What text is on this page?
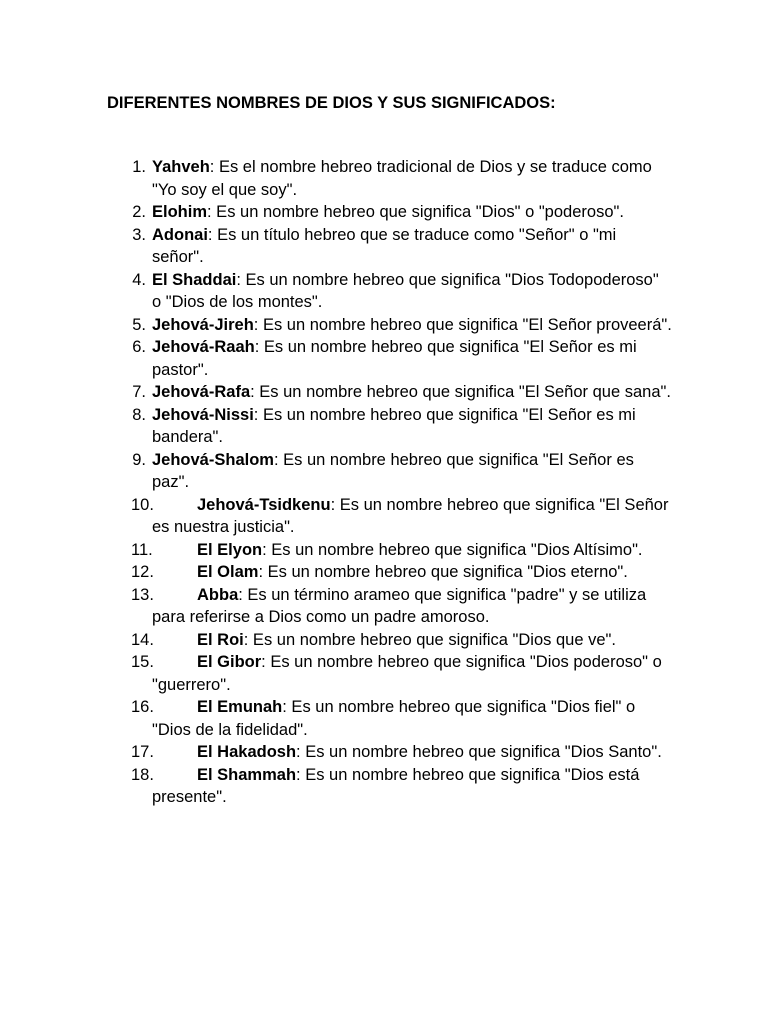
DIFERENTES NOMBRES DE DIOS Y SUS SIGNIFICADOS:
1. Yahveh: Es el nombre hebreo tradicional de Dios y se traduce como "Yo soy el que soy".
2. Elohim: Es un nombre hebreo que significa "Dios" o "poderoso".
3. Adonai: Es un título hebreo que se traduce como "Señor" o "mi señor".
4. El Shaddai: Es un nombre hebreo que significa "Dios Todopoderoso" o "Dios de los montes".
5. Jehová-Jireh: Es un nombre hebreo que significa "El Señor proveerá".
6. Jehová-Raah: Es un nombre hebreo que significa "El Señor es mi pastor".
7. Jehová-Rafa: Es un nombre hebreo que significa "El Señor que sana".
8. Jehová-Nissi: Es un nombre hebreo que significa "El Señor es mi bandera".
9. Jehová-Shalom: Es un nombre hebreo que significa "El Señor es paz".
10.	Jehová-Tsidkenu: Es un nombre hebreo que significa "El Señor es nuestra justicia".
11.	El Elyon: Es un nombre hebreo que significa "Dios Altísimo".
12.	El Olam: Es un nombre hebreo que significa "Dios eterno".
13.	Abba: Es un término arameo que significa "padre" y se utiliza para referirse a Dios como un padre amoroso.
14.	El Roi: Es un nombre hebreo que significa "Dios que ve".
15.	El Gibor: Es un nombre hebreo que significa "Dios poderoso" o "guerrero".
16.	El Emunah: Es un nombre hebreo que significa "Dios fiel" o "Dios de la fidelidad".
17.	El Hakadosh: Es un nombre hebreo que significa "Dios Santo".
18.	El Shammah: Es un nombre hebreo que significa "Dios está presente".
